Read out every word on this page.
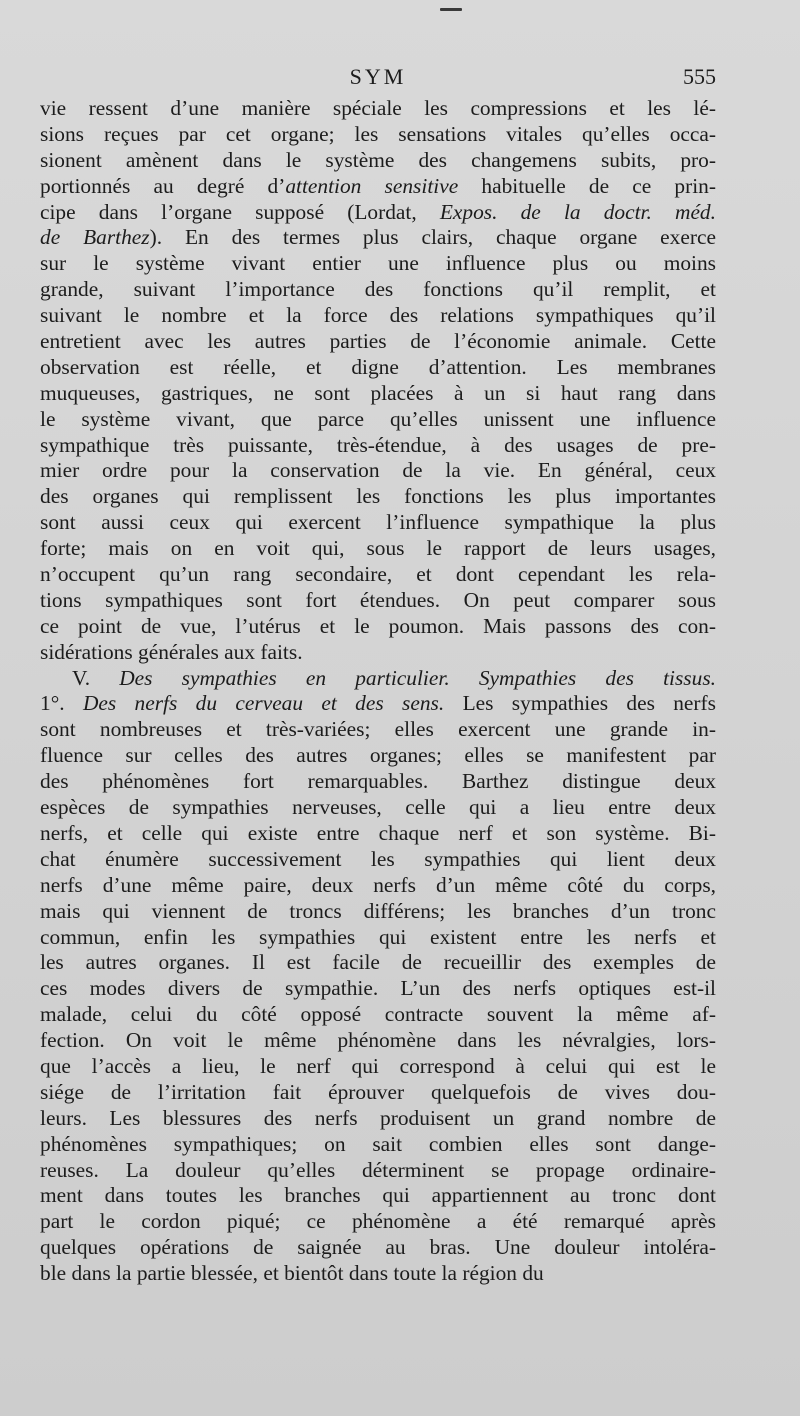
SYM	555
vie ressent d’une manière spéciale les compressions et les lé-
sions reçues par cet organe; les sensations vitales qu’elles occa-
sionent amènent dans le système des changemens subits, pro-
portionnés au degré d’attention sensitive habituelle de ce prin-
cipe dans l’organe supposé (Lordat, Expos. de la doctr. méd.
de Barthez). En des termes plus clairs, chaque organe exerce
sur le système vivant entier une influence plus ou moins
grande, suivant l’importance des fonctions qu’il remplit, et
suivant le nombre et la force des relations sympathiques qu’il
entretient avec les autres parties de l’économie animale. Cette
observation est réelle, et digne d’attention. Les membranes
muqueuses, gastriques, ne sont placées à un si haut rang dans
le système vivant, que parce qu’elles unissent une influence
sympathique très puissante, très-étendue, à des usages de pre-
mier ordre pour la conservation de la vie. En général, ceux
des organes qui remplissent les fonctions les plus importantes
sont aussi ceux qui exercent l’influence sympathique la plus
forte; mais on en voit qui, sous le rapport de leurs usages,
n’occupent qu’un rang secondaire, et dont cependant les rela-
tions sympathiques sont fort étendues. On peut comparer sous
ce point de vue, l’utérus et le poumon. Mais passons des con-
sidérations générales aux faits.
V. Des sympathies en particulier. Sympathies des tissus.
1°. Des nerfs du cerveau et des sens. Les sympathies des nerfs
sont nombreuses et très-variées; elles exercent une grande in-
fluence sur celles des autres organes; elles se manifestent par
des phénomènes fort remarquables. Barthez distingue deux
espèces de sympathies nerveuses, celle qui a lieu entre deux
nerfs, et celle qui existe entre chaque nerf et son système. Bi-
chat énumère successivement les sympathies qui lient deux
nerfs d’une même paire, deux nerfs d’un même côté du corps,
mais qui viennent de troncs différens; les branches d’un tronc
commun, enfin les sympathies qui existent entre les nerfs et
les autres organes. Il est facile de recueillir des exemples de
ces modes divers de sympathie. L’un des nerfs optiques est-il
malade, celui du côté opposé contracte souvent la même af-
fection. On voit le même phénomène dans les névralgies, lors-
que l’accès a lieu, le nerf qui correspond à celui qui est le
siége de l’irritation fait éprouver quelquefois de vives dou-
leurs. Les blessures des nerfs produisent un grand nombre de
phénomènes sympathiques; on sait combien elles sont dange-
reuses. La douleur qu’elles déterminent se propage ordinaire-
ment dans toutes les branches qui appartiennent au tronc dont
part le cordon piqué; ce phénomène a été remarqué après
quelques opérations de saignée au bras. Une douleur intoléra-
ble dans la partie blessée, et bientôt dans toute la région du
